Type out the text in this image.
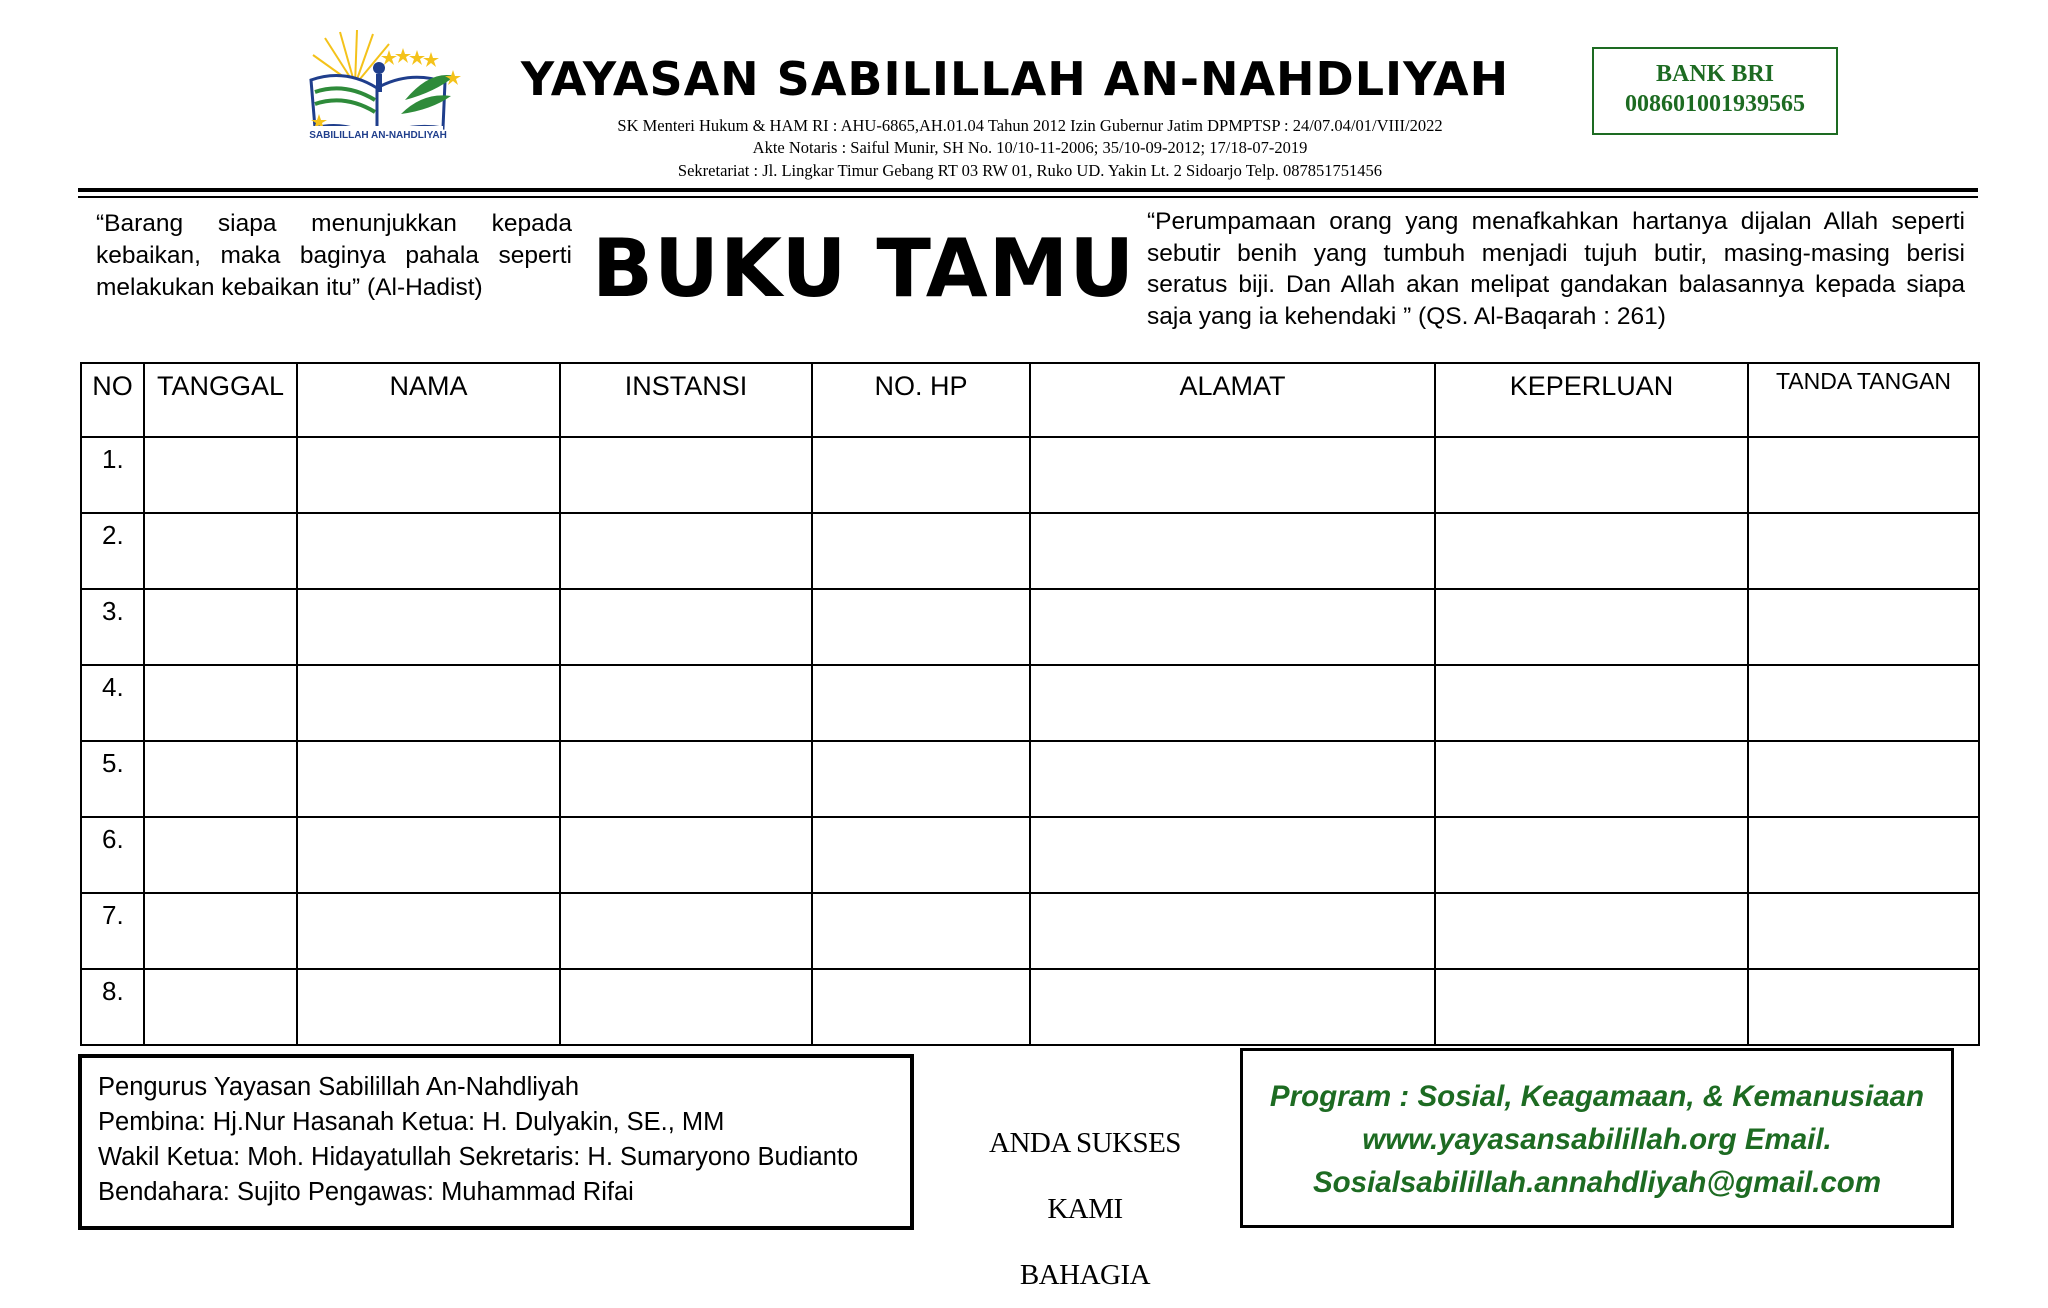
SABILILLAH AN-NAHDLIYAH
YAYASAN SABILILLAH AN-NAHDLIYAH
SK Menteri Hukum & HAM RI : AHU-6865,AH.01.04 Tahun 2012 Izin Gubernur Jatim DPMPTSP : 24/07.04/01/VIII/2022
Akte Notaris : Saiful Munir, SH No. 10/10-11-2006; 35/10-09-2012; 17/18-07-2019
Sekretariat : Jl. Lingkar Timur Gebang RT 03 RW 01, Ruko UD. Yakin Lt. 2 Sidoarjo Telp. 087851751456
BANK BRI
008601001939565
“Barang siapa menunjukkan kepada kebaikan, maka baginya pahala seperti melakukan kebaikan itu” (Al-Hadist)	BUKU TAMU
“Perumpamaan orang yang menafkahkan hartanya dijalan Allah seperti sebutir benih yang tumbuh menjadi tujuh butir, masing-masing berisi seratus biji. Dan Allah akan melipat gandakan balasannya kepada siapa saja yang ia kehendaki ” (QS. Al-Baqarah : 261)
NO	TANGGAL	NAMA	INSTANSI	NO. HP	ALAMAT	KEPERLUAN	TANDA TANGAN
1.							
2.							
3.							
4.							
5.							
6.							
7.							
8.							
Pengurus Yayasan Sabilillah An-Nahdliyah
Pembina: Hj.Nur Hasanah Ketua: H. Dulyakin, SE., MM
Wakil Ketua: Moh. Hidayatullah Sekretaris: H. Sumaryono Budianto
Bendahara: Sujito Pengawas: Muhammad Rifai
ANDA SUKSES
KAMI BAHAGIA
Program : Sosial, Keagamaan, & Kemanusiaan
www.yayasansabilillah.org Email.
Sosialsabilillah.annahdliyah@gmail.com
